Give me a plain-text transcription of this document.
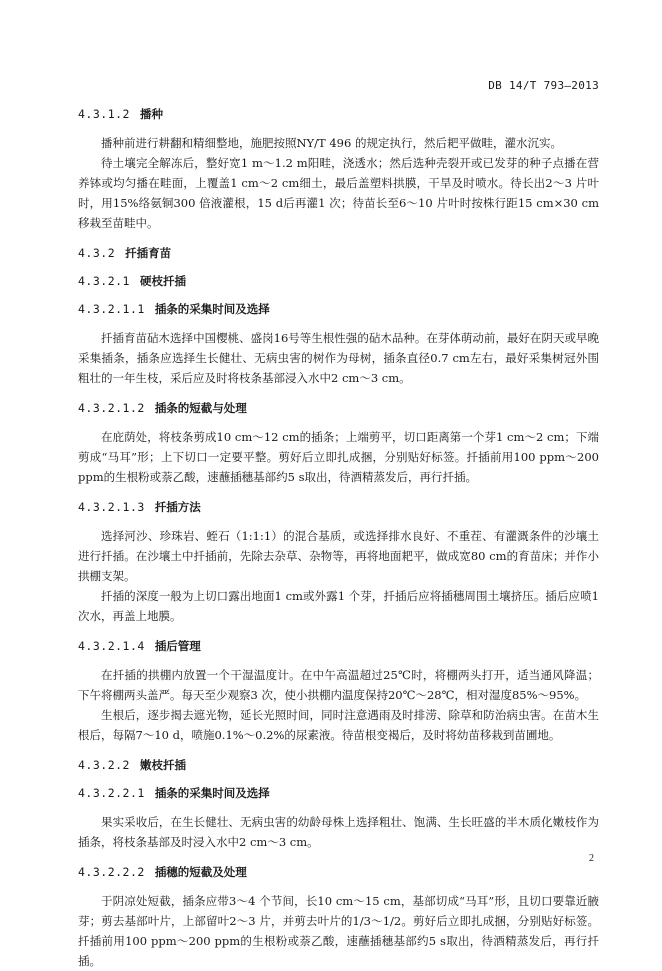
DB 14/T 793—2013
4.3.1.2 播种

播种前进行耕翻和精细整地，施肥按照NY/T 496 的规定执行，然后耙平做畦，灌水沉实。

待土壤完全解冻后，整好宽1 m～1.2 m阳畦，浇透水；然后选种壳裂开或已发芽的种子点播在营养钵或均匀播在畦面，上覆盖1 cm～2 cm细土，最后盖塑料拱膜，干旱及时喷水。待长出2～3 片叶时，用15%络氨铜300 倍液灌根，15 d后再灌1 次；待苗长至6～10 片叶时按株行距15 cm×30 cm移栽至苗畦中。

4.3.2 扦插育苗
4.3.2.1 硬枝扦插
4.3.2.1.1 插条的采集时间及选择

扦插育苗砧木选择中国樱桃、盛岗16号等生根性强的砧木品种。在芽体萌动前，最好在阴天或早晚采集插条，插条应选择生长健壮、无病虫害的树作为母树，插条直径0.7 cm左右，最好采集树冠外围粗壮的一年生枝，采后应及时将枝条基部浸入水中2 cm～3 cm。

4.3.2.1.2 插条的短截与处理

在庇荫处，将枝条剪成10 cm～12 cm的插条；上端剪平，切口距离第一个芽1 cm～2 cm；下端剪成“马耳”形；上下切口一定要平整。剪好后立即扎成捆，分别贴好标签。扦插前用100 ppm～200 ppm的生根粉或萘乙酸，速蘸插穗基部约5 s取出，待酒精蒸发后，再行扦插。

4.3.2.1.3 扦插方法

选择河沙、珍珠岩、蛭石（1:1:1）的混合基质，或选择排水良好、不重茬、有灌溉条件的沙壤土进行扦插。在沙壤土中扦插前，先除去杂草、杂物等，再将地面耙平，做成宽80 cm的育苗床；并作小拱棚支架。

扦插的深度一般为上切口露出地面1 cm或外露1 个芽，扦插后应将插穗周围土壤挤压。插后应喷1次水，再盖上地膜。

4.3.2.1.4 插后管理

在扦插的拱棚内放置一个干湿温度计。在中午高温超过25℃时，将棚两头打开，适当通风降温；下午将棚两头盖严。每天至少观察3 次，使小拱棚内温度保持20℃～28℃，相对湿度85%～95%。

生根后，逐步揭去遮光物，延长光照时间，同时注意遇雨及时排涝、除草和防治病虫害。在苗木生根后，每隔7～10 d，喷施0.1%～0.2%的尿素液。待苗根变褐后，及时将幼苗移栽到苗圃地。

4.3.2.2 嫩枝扦插
4.3.2.2.1 插条的采集时间及选择

果实采收后，在生长健壮、无病虫害的幼龄母株上选择粗壮、饱满、生长旺盛的半木质化嫩枝作为插条，将枝条基部及时浸入水中2 cm～3 cm。

4.3.2.2.2 插穗的短截及处理

于阴凉处短截，插条应带3～4 个节间，长10 cm～15 cm，基部切成“马耳”形，且切口要靠近腋芽；剪去基部叶片，上部留叶2～3 片，并剪去叶片的1/3～1/2。剪好后立即扎成捆，分别贴好标签。扦插前用100 ppm～200 ppm的生根粉或萘乙酸，速蘸插穗基部约5 s取出，待酒精蒸发后，再行扦插。

2
